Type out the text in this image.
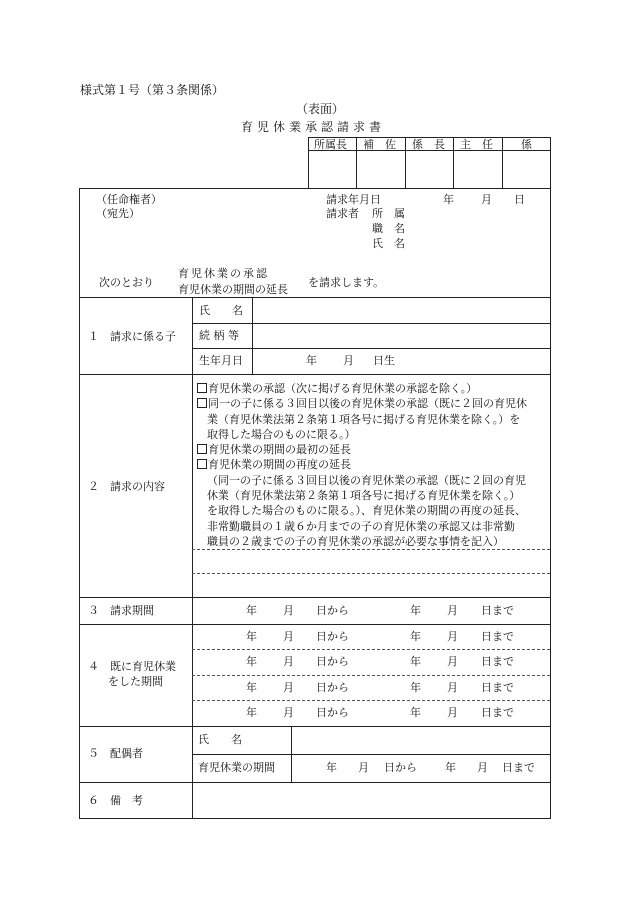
様式第１号（第３条関係）
（表面）
育児休業承認請求書
所属長 補　佐 係　長 主　任	係
（任命権者）
（宛先）
請求年月日	年 月 日
請求者 所　属
職　名
氏　名
次のとおり
育児休業の承認
育児休業の期間の延長
を請求します。
１　請求に係る子
氏　　名
続 柄 等
生年月日	年 月 日生
２　請求の内容
育児休業の承認（次に掲げる育児休業の承認を除く。）
同一の子に係る３回目以後の育児休業の承認（既に２回の育児休
業（育児休業法第２条第１項各号に掲げる育児休業を除く。）を
取得した場合のものに限る。）
育児休業の期間の最初の延長
育児休業の期間の再度の延長
（同一の子に係る３回目以後の育児休業の承認（既に２回の育児
休業（育児休業法第２条第１項各号に掲げる育児休業を除く。）
を取得した場合のものに限る。）、育児休業の期間の再度の延長、
非常勤職員の１歳６か月までの子の育児休業の承認又は非常勤
職員の２歳までの子の育児休業の承認が必要な事情を記入）
３　請求期間	年 月 日から	年 月 日まで
４　既に育児休業
をした期間
年 月 日から	年 月 日まで
年 月 日から	年 月 日まで
年 月 日から	年 月 日まで
年 月 日から	年 月 日まで
５　配偶者
氏　　名
育児休業の期間	年 月 日から	年 月 日まで
６　備　考
